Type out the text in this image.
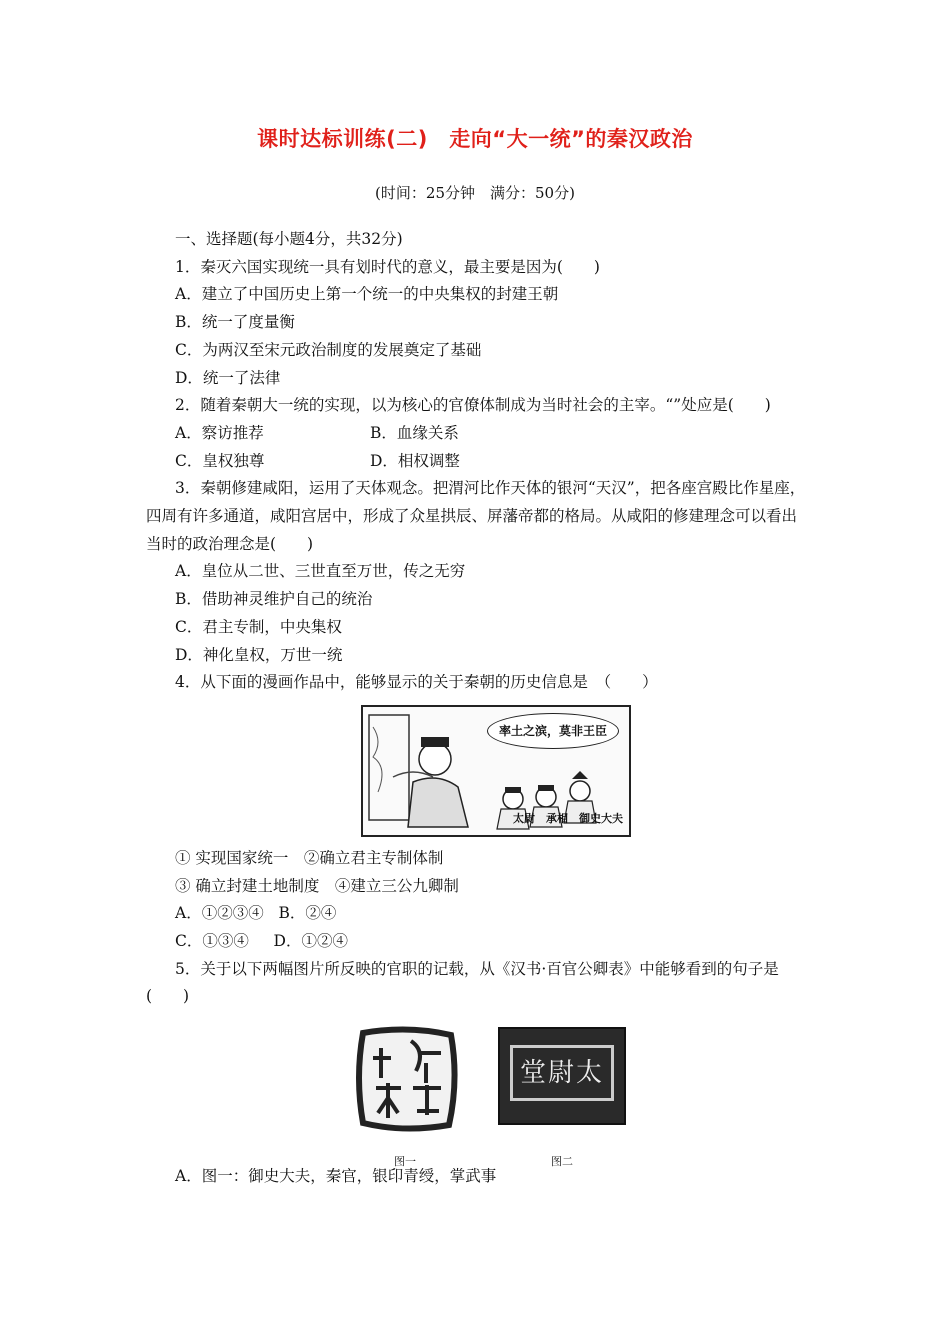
课时达标训练(二)　走向“大一统”的秦汉政治
(时间：25分钟　满分：50分)
一、选择题(每小题4分，共32分)
1．秦灭六国实现统一具有划时代的意义，最主要是因为(　　)
A．建立了中国历史上第一个统一的中央集权的封建王朝
B．统一了度量衡
C．为两汉至宋元政治制度的发展奠定了基础
D．统一了法律
2．随着秦朝大一统的实现，以为核心的官僚体制成为当时社会的主宰。“”处应是(　　)
A．察访推荐	B．血缘关系
C．皇权独尊	D．相权调整
3．秦朝修建咸阳，运用了天体观念。把渭河比作天体的银河“天汉”，把各座宫殿比作星座，四周有许多通道，咸阳宫居中，形成了众星拱辰、屏藩帝都的格局。从咸阳的修建理念可以看出当时的政治理念是(　　)
A．皇位从二世、三世直至万世，传之无穷
B．借助神灵维护自己的统治
C．君主专制，中央集权
D．神化皇权，万世一统
4．从下面的漫画作品中，能够显示的关于秦朝的历史信息是　（　　）
率土之滨，莫非王臣
太尉　承相　御史大夫
① 实现国家统一　②确立君主专制体制
③ 确立封建土地制度　④建立三公九卿制
A．①②③④ B．②④
C．①③④ D．①②④
5．关于以下两幅图片所反映的官职的记载，从《汉书·百官公卿表》中能够看到的句子是(　　)
堂尉太
图一	图二
A．图一：御史大夫，秦官，银印青绶，掌武事
